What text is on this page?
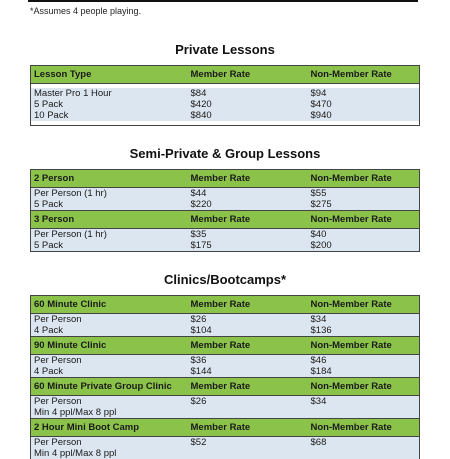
*Assumes 4 people playing.
Private Lessons
Lesson Type	Member Rate	Non-Member Rate

Master Pro 1 Hour	$84	$94
5 Pack	$420	$470
10 Pack	$840	$940

Semi-Private & Group Lessons
2 Person	Member Rate	Non-Member Rate
Per Person (1 hr)	$44	$55
5 Pack	$220	$275
3 Person	Member Rate	Non-Member Rate
Per Person (1 hr)	$35	$40
5 Pack	$175	$200
Clinics/Bootcamps*
60 Minute Clinic	Member Rate	Non-Member Rate
Per Person	$26	$34
4 Pack	$104	$136
90 Minute Clinic	Member Rate	Non-Member Rate
Per Person	$36	$46
4 Pack	$144	$184
60 Minute Private Group Clinic	Member Rate	Non-Member Rate
Per Person	$26	$34
Min 4 ppl/Max 8 ppl		
2 Hour Mini Boot Camp	Member Rate	Non-Member Rate
Per Person	$52	$68
Min 4 ppl/Max 8 ppl		
